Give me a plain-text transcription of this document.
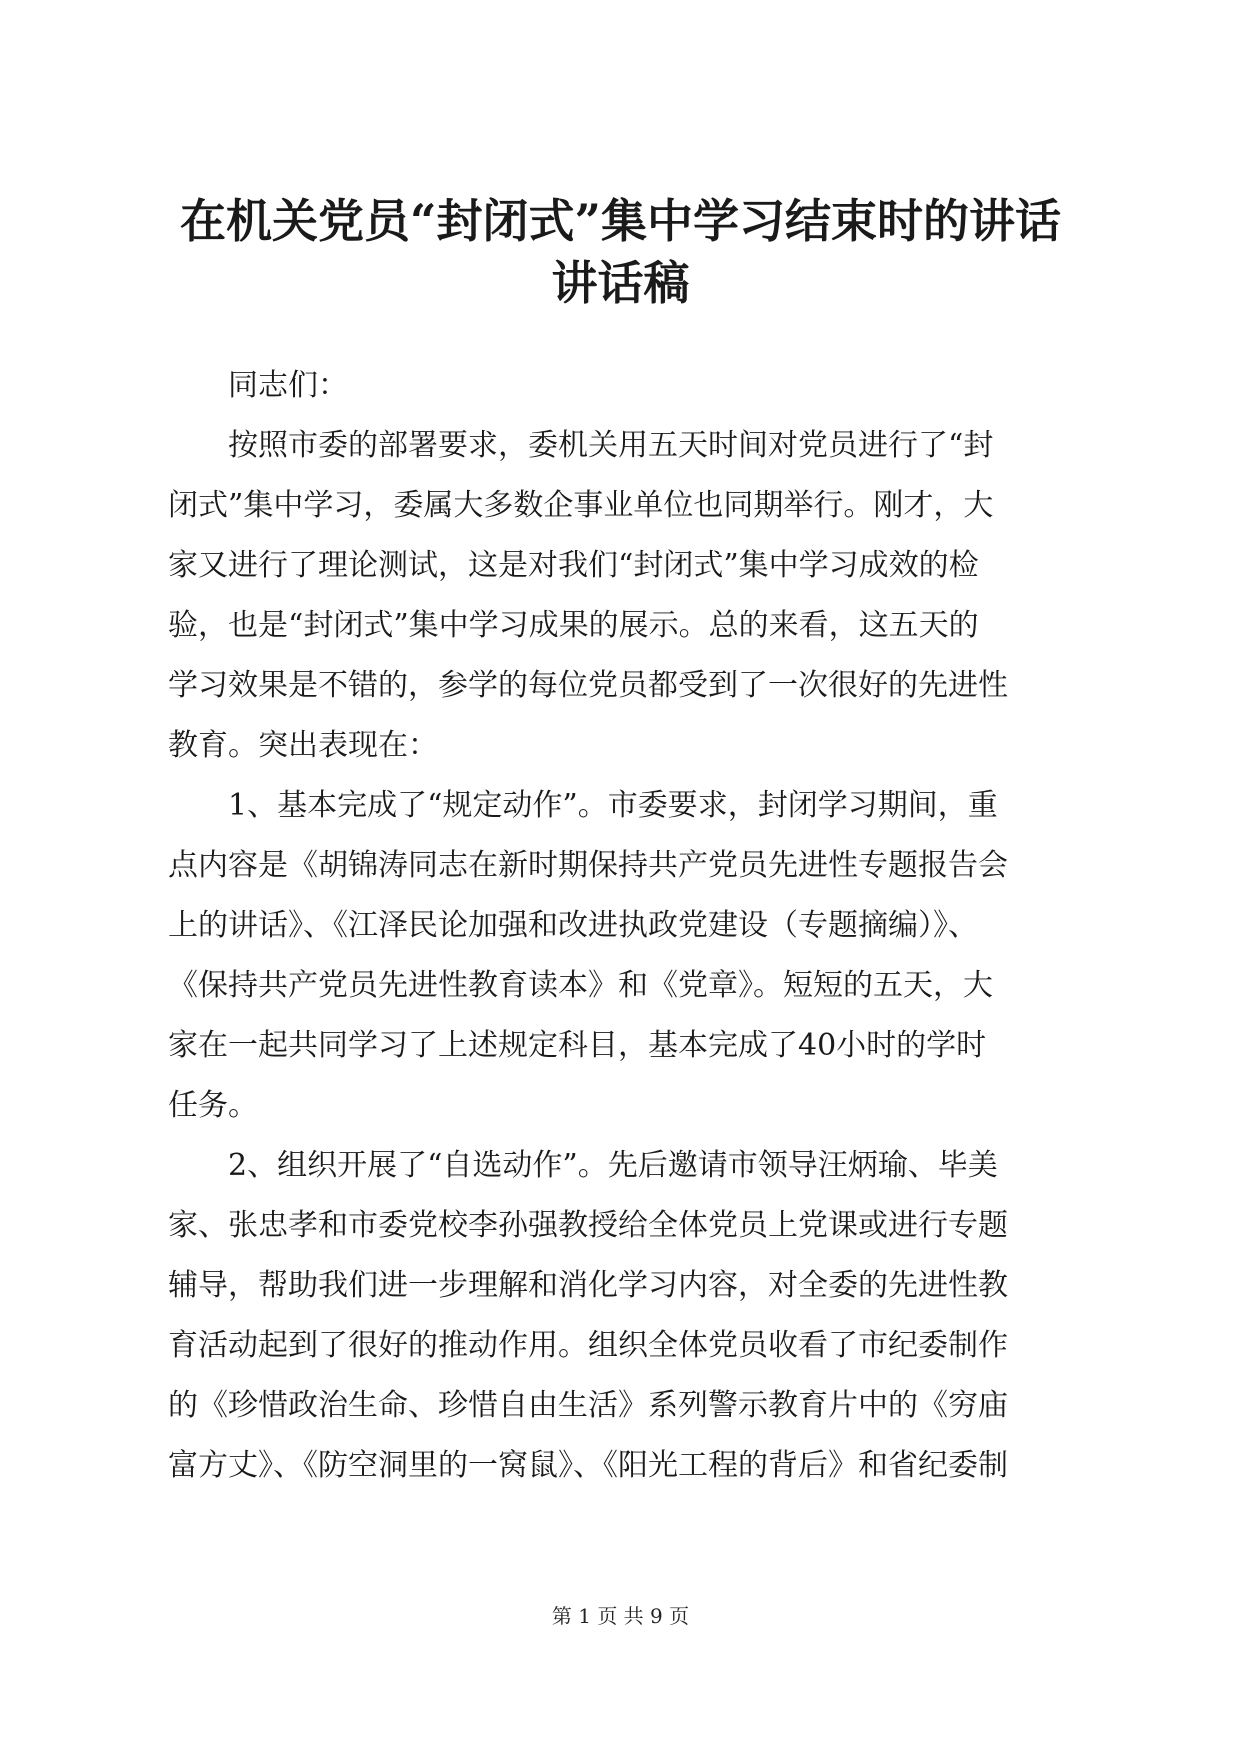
在机关党员“封闭式”集中学习结束时的讲话
讲话稿

同志们：

按照市委的部署要求，委机关用五天时间对党员进行了“封
闭式”集中学习，委属大多数企事业单位也同期举行。刚才，大
家又进行了理论测试，这是对我们“封闭式”集中学习成效的检
验，也是“封闭式”集中学习成果的展示。总的来看，这五天的
学习效果是不错的，参学的每位党员都受到了一次很好的先进性
教育。突出表现在：

1、基本完成了“规定动作”。市委要求，封闭学习期间，重
点内容是《胡锦涛同志在新时期保持共产党员先进性专题报告会
上的讲话》、《江泽民论加强和改进执政党建设（专题摘编）》、
《保持共产党员先进性教育读本》和《党章》。短短的五天，大
家在一起共同学习了上述规定科目，基本完成了40小时的学时
任务。

2、组织开展了“自选动作”。先后邀请市领导汪炳瑜、毕美
家、张忠孝和市委党校李孙强教授给全体党员上党课或进行专题
辅导，帮助我们进一步理解和消化学习内容，对全委的先进性教
育活动起到了很好的推动作用。组织全体党员收看了市纪委制作
的《珍惜政治生命、珍惜自由生活》系列警示教育片中的《穷庙
富方丈》、《防空洞里的一窝鼠》、《阳光工程的背后》和省纪委制

第 1 页 共 9 页
